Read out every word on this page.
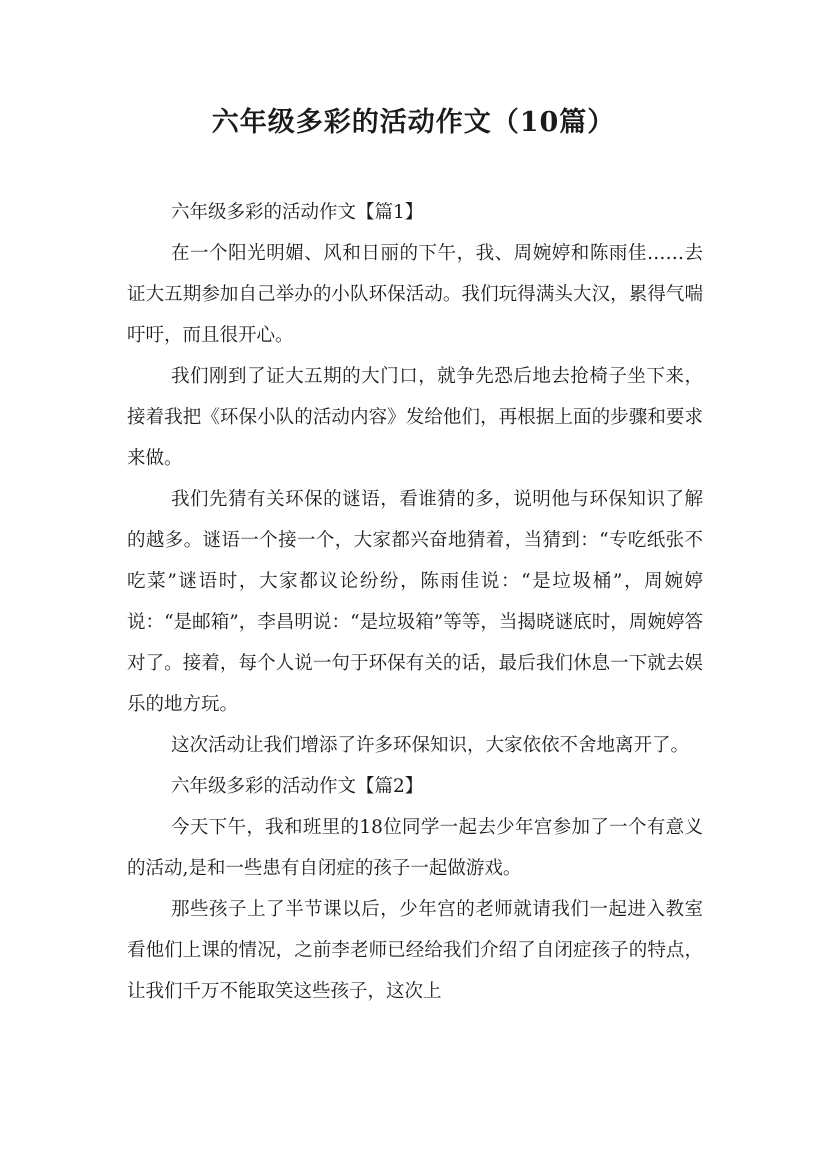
六年级多彩的活动作文（10篇）

六年级多彩的活动作文【篇1】

在一个阳光明媚、风和日丽的下午，我、周婉婷和陈雨佳……去证大五期参加自己举办的小队环保活动。我们玩得满头大汉，累得气喘吁吁，而且很开心。

我们刚到了证大五期的大门口，就争先恐后地去抢椅子坐下来，接着我把《环保小队的活动内容》发给他们，再根据上面的步骤和要求来做。

我们先猜有关环保的谜语，看谁猜的多，说明他与环保知识了解的越多。谜语一个接一个，大家都兴奋地猜着，当猜到：“专吃纸张不吃菜”谜语时，大家都议论纷纷，陈雨佳说：“是垃圾桶”，周婉婷说：“是邮箱”，李昌明说：“是垃圾箱”等等，当揭晓谜底时，周婉婷答对了。接着，每个人说一句于环保有关的话，最后我们休息一下就去娱乐的地方玩。

这次活动让我们增添了许多环保知识，大家依依不舍地离开了。

六年级多彩的活动作文【篇2】

今天下午，我和班里的18位同学一起去少年宫参加了一个有意义的活动,是和一些患有自闭症的孩子一起做游戏。

那些孩子上了半节课以后，少年宫的老师就请我们一起进入教室看他们上课的情况，之前李老师已经给我们介绍了自闭症孩子的特点，让我们千万不能取笑这些孩子，这次上
